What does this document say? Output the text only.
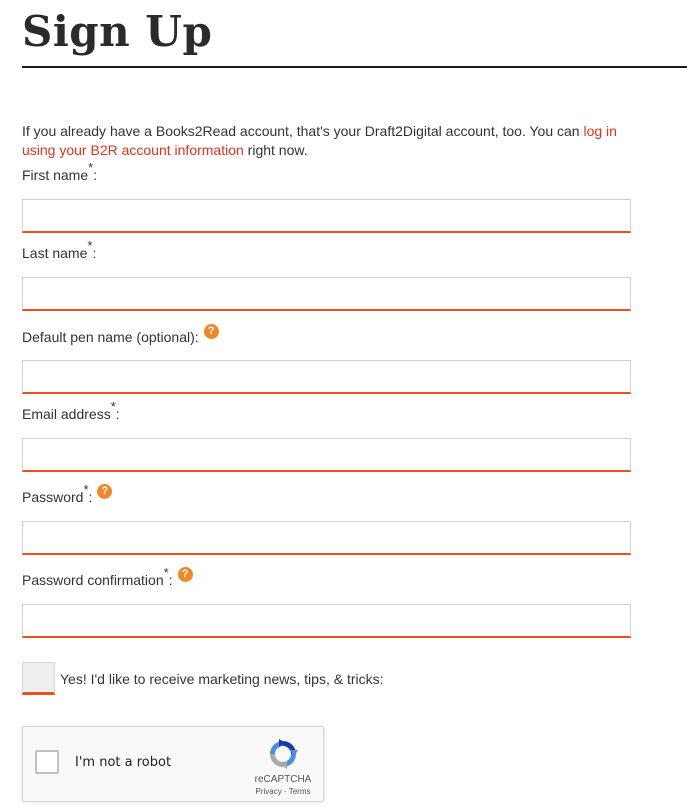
Sign Up

If you already have a Books2Read account, that's your Draft2Digital account, too. You can log in using your B2R account information right now.

First name* :
Last name* :
Default pen name (optional): ?
Email address* :
Password* : ?
Password confirmation* : ?
Yes! I'd like to receive marketing news, tips, & tricks:
I'm not a robot
reCAPTCHA
Privacy - Terms
